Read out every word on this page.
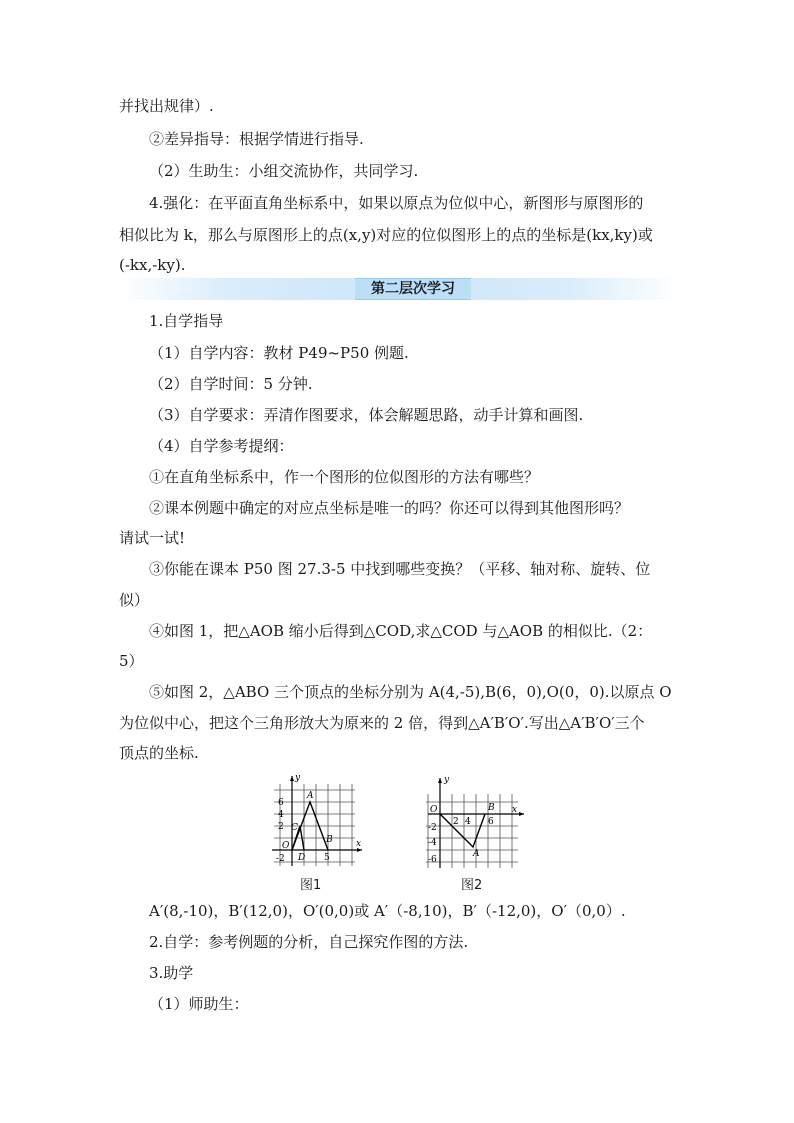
并找出规律）.
②差异指导：根据学情进行指导.
（2）生助生：小组交流协作，共同学习.
4.强化：在平面直角坐标系中，如果以原点为位似中心，新图形与原图形的
相似比为 k，那么与原图形上的点(x,y)对应的位似图形上的点的坐标是(kx,ky)或
(-kx,-ky).
第二层次学习
1.自学指导
（1）自学内容：教材 P49~P50 例题.
（2）自学时间：5 分钟.
（3）自学要求：弄清作图要求，体会解题思路，动手计算和画图.
（4）自学参考提纲：
①在直角坐标系中，作一个图形的位似图形的方法有哪些？
②课本例题中确定的对应点坐标是唯一的吗？你还可以得到其他图形吗？
请试一试!
③你能在课本 P50 图 27.3-5 中找到哪些变换？（平移、轴对称、旋转、位
似）
④如图 1，把△AOB 缩小后得到△COD,求△COD 与△AOB 的相似比.（2：
5）
⑤如图 2，△ABO 三个顶点的坐标分别为 A(4,-5),B(6，0),O(0，0).以原点 O
为位似中心，把这个三角形放大为原来的 2 倍，得到△A′B′O′.写出△A′B′O′三个
顶点的坐标.
y
x
O
6
4
2
-2	5
A
B
C
D
图1
y
x
O
2 4 6
-2
-4
-6
A
B
图2
A′(8,-10)，B′(12,0)，O′(0,0)或 A′（-8,10)，B′（-12,0)，O′（0,0）.
2.自学：参考例题的分析，自己探究作图的方法.
3.助学
（1）师助生：
